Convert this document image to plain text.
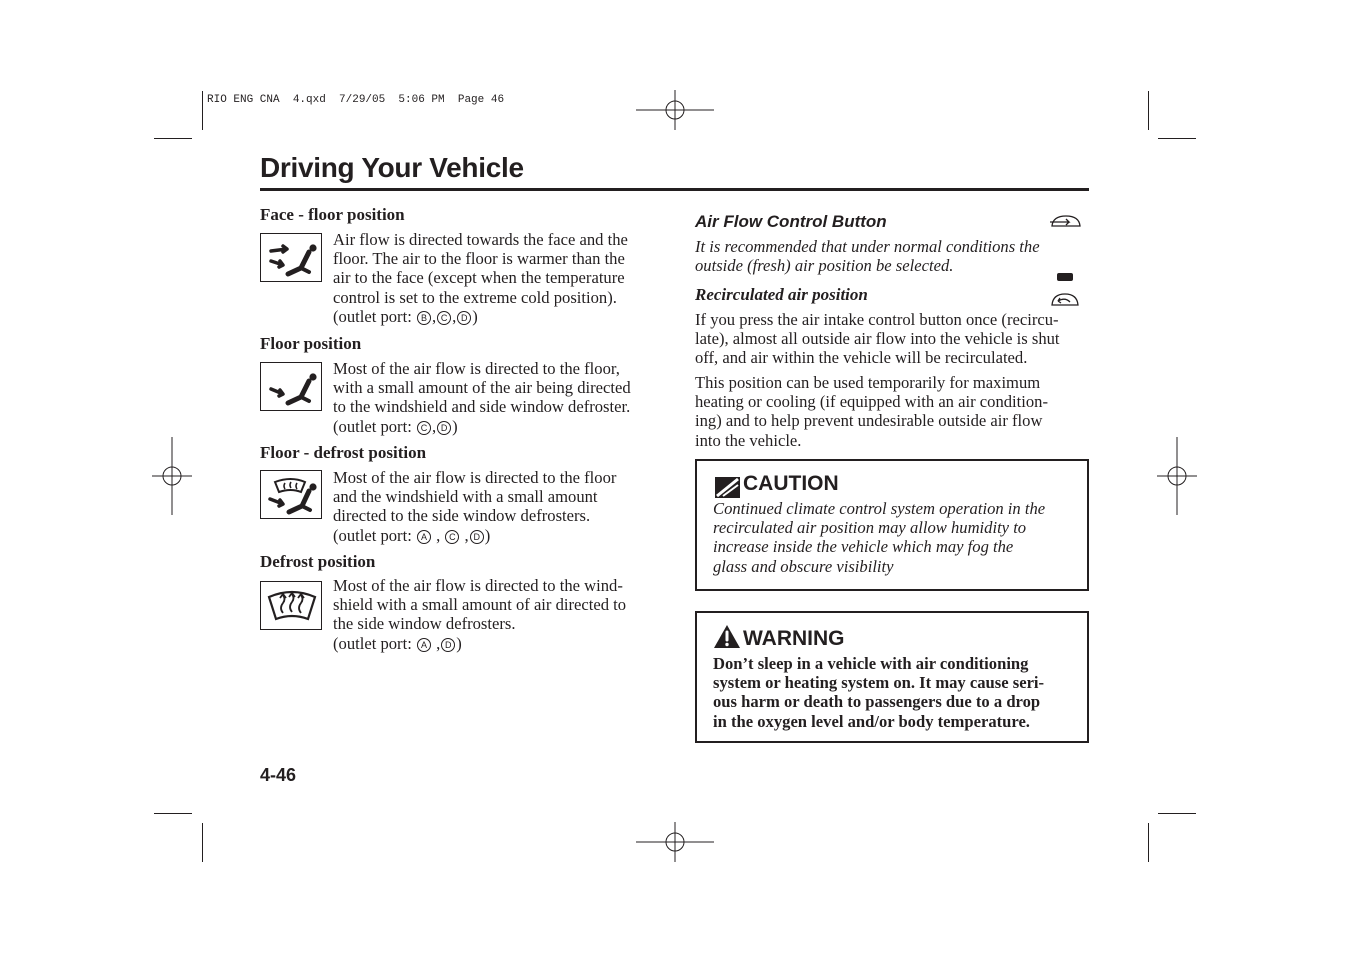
RIO ENG CNA  4.qxd  7/29/05  5:06 PM  Page 46
Driving Your Vehicle
Face - floor position
Air flow is directed towards the face and the
floor. The air to the floor is warmer than the
air to the face (except when the temperature
control is set to the extreme cold position).
(outlet port: B , C , D )
Floor position
Most of the air flow is directed to the floor,
with a small amount of the air being directed
to the windshield and side window defroster.
(outlet port: C , D )
Floor - defrost position
Most of the air flow is directed to the floor
and the windshield with a small amount
directed to the side window defrosters.
(outlet port: A , C , D )
Defrost position
Most of the air flow is directed to the wind-
shield with a small amount of air directed to
the side window defrosters.
(outlet port: A , D )
Air Flow Control Button
It is recommended that under normal conditions the
outside (fresh) air position be selected.
Recirculated air position
If you press the air intake control button once (recircu-
late), almost all outside air flow into the vehicle is shut
off, and air within the vehicle will be recirculated.
This position can be used temporarily for maximum
heating or cooling (if equipped with an air condition-
ing) and to help prevent undesirable outside air flow
into the vehicle.
CAUTION
Continued climate control system operation in the
recirculated air position may allow humidity to
increase inside the vehicle which may fog the
glass and obscure visibility
WARNING
Don’t sleep in a vehicle with air conditioning
system or heating system on. It may cause seri-
ous harm or death to passengers due to a drop
in the oxygen level and/or body temperature.
4-46
